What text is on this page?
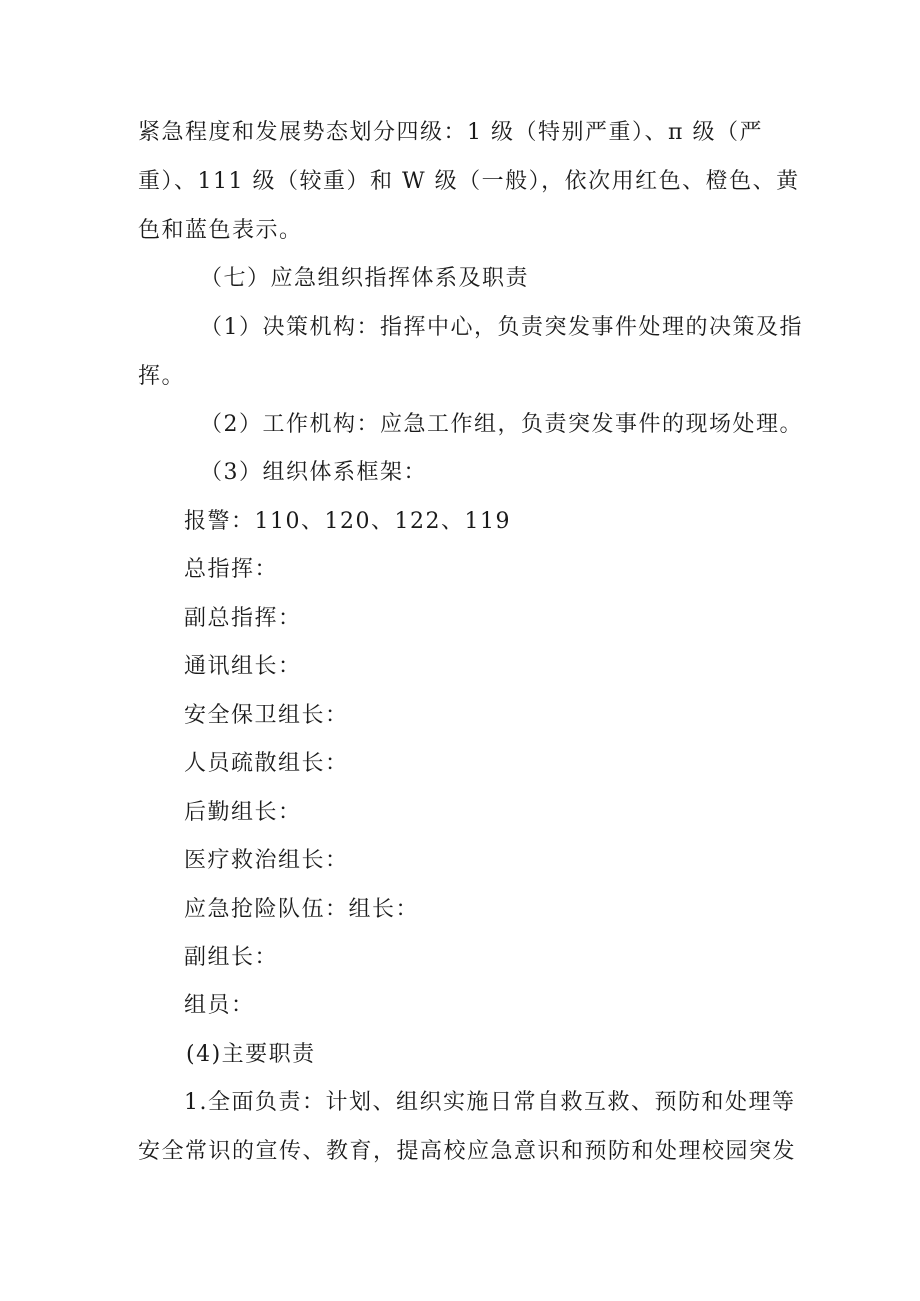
紧急程度和发展势态划分四级：1 级（特别严重）、π 级（严
重）、111 级（较重）和 W 级（一般），依次用红色、橙色、黄
色和蓝色表示。
（七）应急组织指挥体系及职责
（1）决策机构：指挥中心，负责突发事件处理的决策及指
挥。
（2）工作机构：应急工作组，负责突发事件的现场处理。
（3）组织体系框架：
报警：110、120、122、119
总指挥：
副总指挥：
通讯组长：
安全保卫组长：
人员疏散组长：
后勤组长：
医疗救治组长：
应急抢险队伍：组长：
副组长：
组员：
(4)主要职责
1.全面负责：计划、组织实施日常自救互救、预防和处理等
安全常识的宣传、教育，提高校应急意识和预防和处理校园突发
